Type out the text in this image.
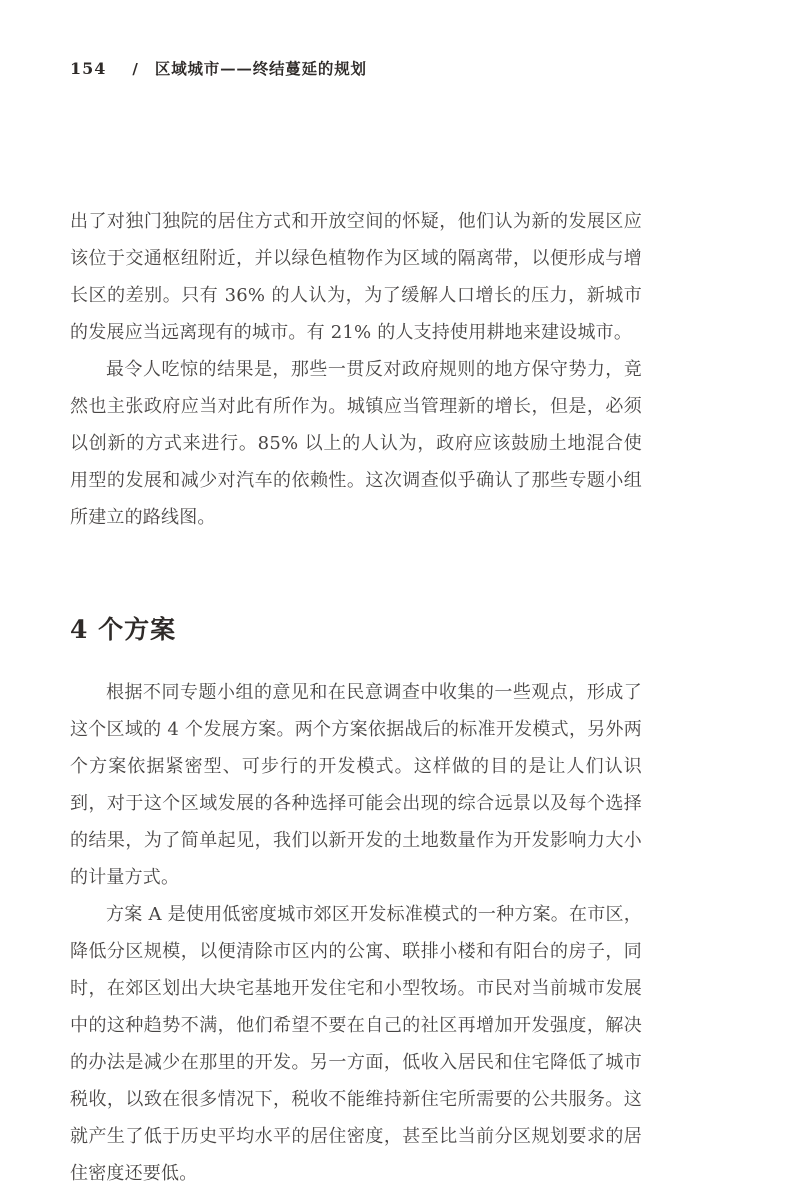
154 / 区域城市——终结蔓延的规划

出了对独门独院的居住方式和开放空间的怀疑，他们认为新的发展区应该位于交通枢纽附近，并以绿色植物作为区域的隔离带，以便形成与增长区的差别。只有 36% 的人认为，为了缓解人口增长的压力，新城市的发展应当远离现有的城市。有 21% 的人支持使用耕地来建设城市。

最令人吃惊的结果是，那些一贯反对政府规则的地方保守势力，竟然也主张政府应当对此有所作为。城镇应当管理新的增长，但是，必须以创新的方式来进行。85% 以上的人认为，政府应该鼓励土地混合使用型的发展和减少对汽车的依赖性。这次调查似乎确认了那些专题小组所建立的路线图。

4 个方案

根据不同专题小组的意见和在民意调查中收集的一些观点，形成了这个区域的 4 个发展方案。两个方案依据战后的标准开发模式，另外两个方案依据紧密型、可步行的开发模式。这样做的目的是让人们认识到，对于这个区域发展的各种选择可能会出现的综合远景以及每个选择的结果，为了简单起见，我们以新开发的土地数量作为开发影响力大小的计量方式。

方案 A 是使用低密度城市郊区开发标准模式的一种方案。在市区，降低分区规模，以便清除市区内的公寓、联排小楼和有阳台的房子，同时，在郊区划出大块宅基地开发住宅和小型牧场。市民对当前城市发展中的这种趋势不满，他们希望不要在自己的社区再增加开发强度，解决的办法是减少在那里的开发。另一方面，低收入居民和住宅降低了城市税收，以致在很多情况下，税收不能维持新住宅所需要的公共服务。这就产生了低于历史平均水平的居住密度，甚至比当前分区规划要求的居住密度还要低。
